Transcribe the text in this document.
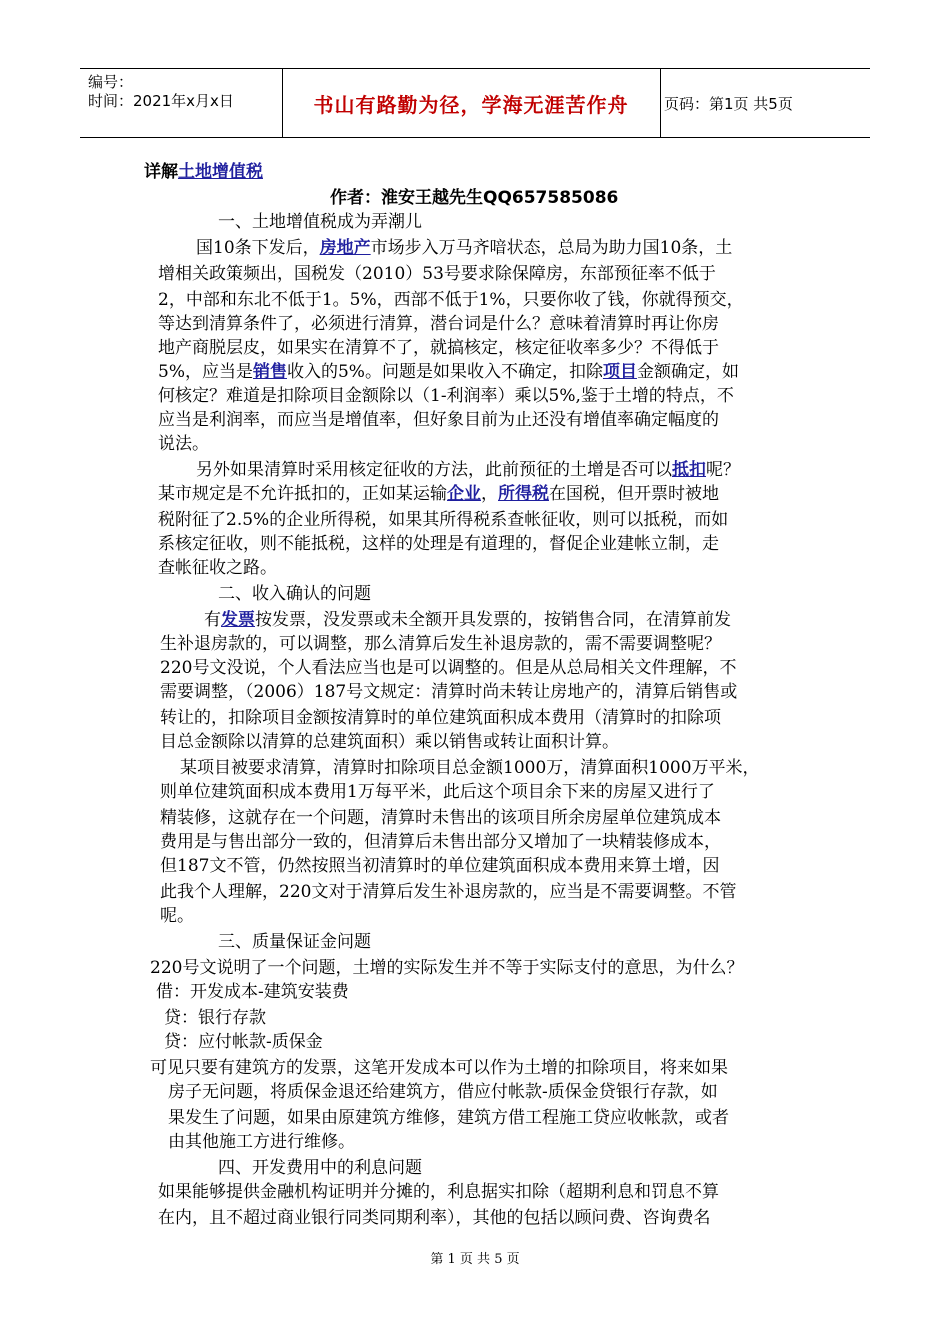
编号：
时间：2021年x月x日	书山有路勤为径，学海无涯苦作舟	页码：第1页 共5页
详解土地增值税
作者：淮安王越先生QQ657585086
一、土地增值税成为弄潮儿
国10条下发后，房地产市场步入万马齐喑状态，总局为助力国10条，土
增相关政策频出，国税发（2010）53号要求除保障房，东部预征率不低于
2，中部和东北不低于1。5%，西部不低于1%，只要你收了钱，你就得预交，
等达到清算条件了，必须进行清算，潜台词是什么？意味着清算时再让你房
地产商脱层皮，如果实在清算不了，就搞核定，核定征收率多少？不得低于
5%，应当是销售收入的5%。问题是如果收入不确定，扣除项目金额确定，如
何核定？难道是扣除项目金额除以（1-利润率）乘以5%,鉴于土增的特点，不
应当是利润率，而应当是增值率，但好象目前为止还没有增值率确定幅度的
说法。
另外如果清算时采用核定征收的方法，此前预征的土增是否可以抵扣呢？
某市规定是不允许抵扣的，正如某运输企业，所得税在国税，但开票时被地
税附征了2.5%的企业所得税，如果其所得税系查帐征收，则可以抵税，而如
系核定征收，则不能抵税，这样的处理是有道理的，督促企业建帐立制，走
查帐征收之路。
二、收入确认的问题
有发票按发票，没发票或未全额开具发票的，按销售合同，在清算前发
生补退房款的，可以调整，那么清算后发生补退房款的，需不需要调整呢？
220号文没说，个人看法应当也是可以调整的。但是从总局相关文件理解，不
需要调整，（2006）187号文规定：清算时尚未转让房地产的，清算后销售或
转让的，扣除项目金额按清算时的单位建筑面积成本费用（清算时的扣除项
目总金额除以清算的总建筑面积）乘以销售或转让面积计算。
某项目被要求清算，清算时扣除项目总金额1000万，清算面积1000万平米，
则单位建筑面积成本费用1万每平米，此后这个项目余下来的房屋又进行了
精装修，这就存在一个问题，清算时未售出的该项目所余房屋单位建筑成本
费用是与售出部分一致的，但清算后未售出部分又增加了一块精装修成本，
但187文不管，仍然按照当初清算时的单位建筑面积成本费用来算土增，因
此我个人理解，220文对于清算后发生补退房款的，应当是不需要调整。不管
呢。
三、质量保证金问题
220号文说明了一个问题，土增的实际发生并不等于实际支付的意思，为什么？
借：开发成本-建筑安装费
贷：银行存款
贷：应付帐款-质保金
可见只要有建筑方的发票，这笔开发成本可以作为土增的扣除项目，将来如果
房子无问题，将质保金退还给建筑方，借应付帐款-质保金贷银行存款，如
果发生了问题，如果由原建筑方维修，建筑方借工程施工贷应收帐款，或者
由其他施工方进行维修。
四、开发费用中的利息问题
如果能够提供金融机构证明并分摊的，利息据实扣除（超期利息和罚息不算
在内，且不超过商业银行同类同期利率），其他的包括以顾问费、咨询费名
第 1 页 共 5 页
